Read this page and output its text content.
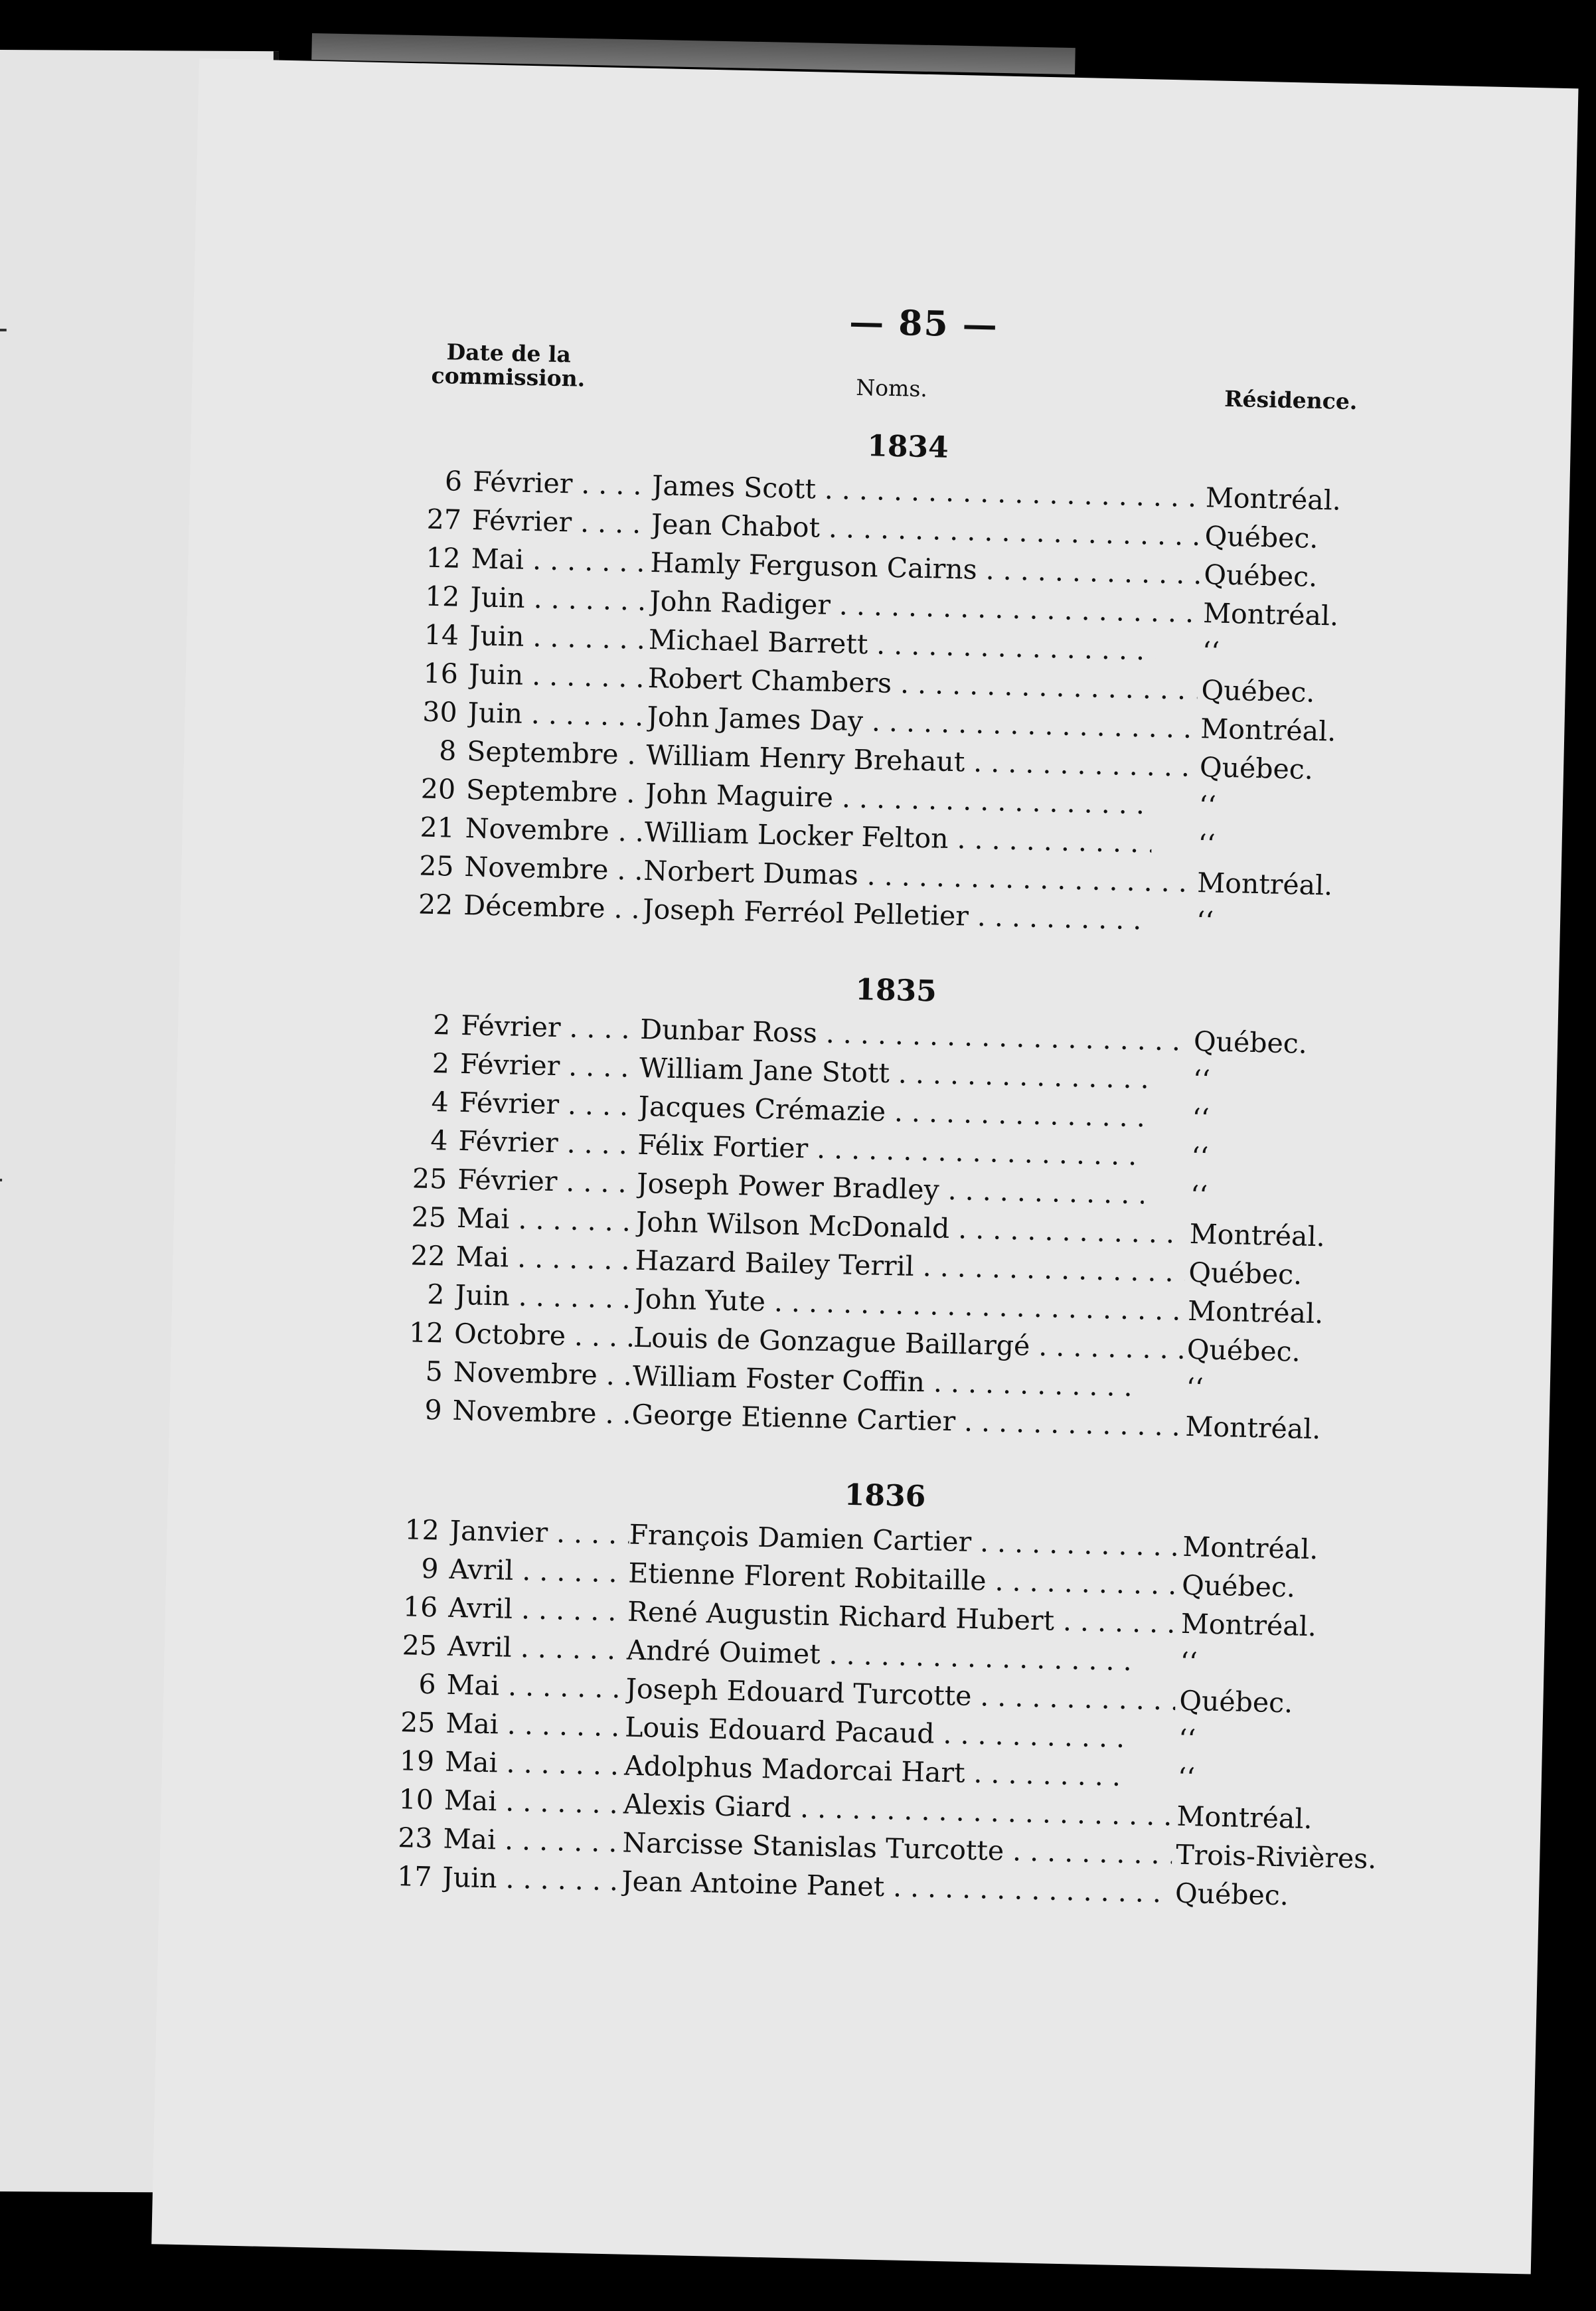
— 85 —
Date de la
commission.	Noms.	Résidence.
1834
6 Février . . .	James Scott . . .	Montréal.
27 Février . . .	Jean Chabot . . .	Québec.
12 Mai . . .	Hamly Ferguson Cairns . . .	Québec.
12 Juin . . .	John Radiger . . .	Montréal.
14 Juin . . .	Michael Barrett . . .	‘‘
16 Juin . . .	Robert Chambers . . .	Québec.
30 Juin . . .	John James Day . . .	Montréal.
8 Septembre . . . William Henry Brehaut . . .	Québec.
20 Septembre . . . John Maguire . . .	‘‘
21 Novembre . . .	William Locker Felton . . .	‘‘
25 Novembre . . .	Norbert Dumas . . .	Montréal.
22 Décembre . . .	Joseph Ferréol Pelletier . . .	‘‘
1835
2 Février . . .	Dunbar Ross . . .	Québec.
2 Février . . .	William Jane Stott . . .	‘‘
4 Février . . .	Jacques Crémazie . . .	‘‘
4 Février . . .	Félix Fortier . . .	‘‘
25 Février . . .	Joseph Power Bradley . . .	‘‘
25 Mai . . .	John Wilson McDonald . . .	Montréal.
22 Mai . . .	Hazard Bailey Terril . . .	Québec.
2 Juin . . .	John Yute . . .	Montréal.
12 Octobre . . .	Louis de Gonzague Baillargé . . .	Québec.
5 Novembre . . .	William Foster Coffin . . .	‘‘
9 Novembre . . .	George Etienne Cartier . . .	Montréal.
1836
12 Janvier . . .	François Damien Cartier . . .	Montréal.
9 Avril . . .	Etienne Florent Robitaille . . .	Québec.
16 Avril . . .	René Augustin Richard Hubert . . .	Montréal.
25 Avril . . .	André Ouimet . . .	‘‘
6 Mai . . .	Joseph Edouard Turcotte . . .	Québec.
25 Mai . . .	Louis Edouard Pacaud . . .	‘‘
19 Mai . . .	Adolphus Madorcai Hart . . .	‘‘
10 Mai . . .	Alexis Giard . . .	Montréal.
23 Mai . . .	Narcisse Stanislas Turcotte . . .	Trois-Rivières.
17 Juin . . .	Jean Antoine Panet . . .	Québec.
